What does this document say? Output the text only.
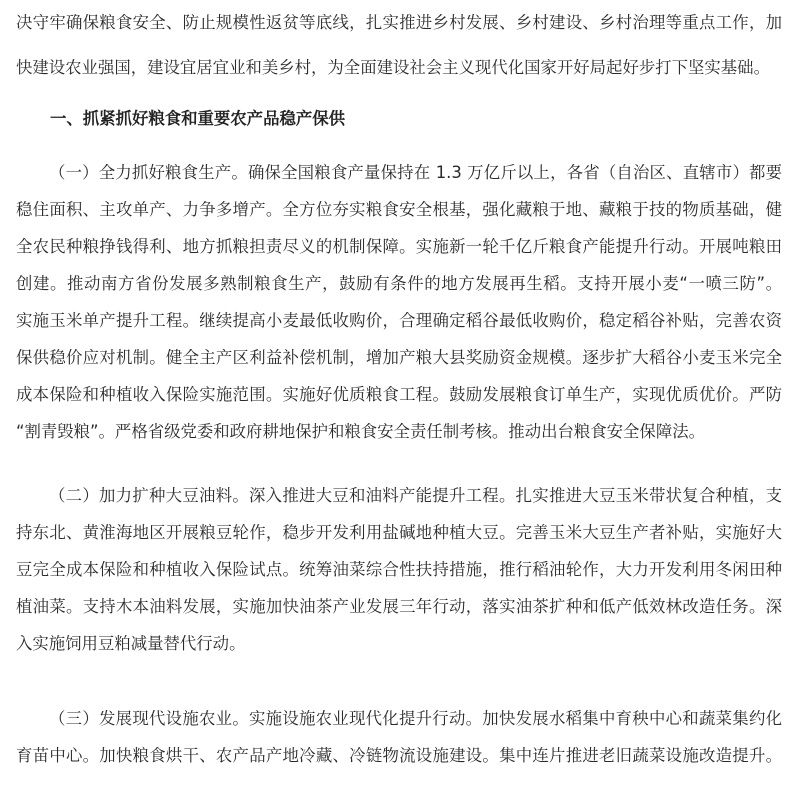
决守牢确保粮食安全、防止规模性返贫等底线，扎实推进乡村发展、乡村建设、乡村治理等重点工作，加
快建设农业强国，建设宜居宜业和美乡村，为全面建设社会主义现代化国家开好局起好步打下坚实基础。
一、抓紧抓好粮食和重要农产品稳产保供
（一）全力抓好粮食生产。确保全国粮食产量保持在 1.3 万亿斤以上，各省（自治区、直辖市）都要
稳住面积、主攻单产、力争多增产。全方位夯实粮食安全根基，强化藏粮于地、藏粮于技的物质基础，健
全农民种粮挣钱得利、地方抓粮担责尽义的机制保障。实施新一轮千亿斤粮食产能提升行动。开展吨粮田
创建。推动南方省份发展多熟制粮食生产，鼓励有条件的地方发展再生稻。支持开展小麦“一喷三防”。
实施玉米单产提升工程。继续提高小麦最低收购价，合理确定稻谷最低收购价，稳定稻谷补贴，完善农资
保供稳价应对机制。健全主产区利益补偿机制，增加产粮大县奖励资金规模。逐步扩大稻谷小麦玉米完全
成本保险和种植收入保险实施范围。实施好优质粮食工程。鼓励发展粮食订单生产，实现优质优价。严防
“割青毁粮”。严格省级党委和政府耕地保护和粮食安全责任制考核。推动出台粮食安全保障法。
（二）加力扩种大豆油料。深入推进大豆和油料产能提升工程。扎实推进大豆玉米带状复合种植，支
持东北、黄淮海地区开展粮豆轮作，稳步开发利用盐碱地种植大豆。完善玉米大豆生产者补贴，实施好大
豆完全成本保险和种植收入保险试点。统筹油菜综合性扶持措施，推行稻油轮作，大力开发利用冬闲田种
植油菜。支持木本油料发展，实施加快油茶产业发展三年行动，落实油茶扩种和低产低效林改造任务。深
入实施饲用豆粕减量替代行动。
（三）发展现代设施农业。实施设施农业现代化提升行动。加快发展水稻集中育秧中心和蔬菜集约化
育苗中心。加快粮食烘干、农产品产地冷藏、冷链物流设施建设。集中连片推进老旧蔬菜设施改造提升。
